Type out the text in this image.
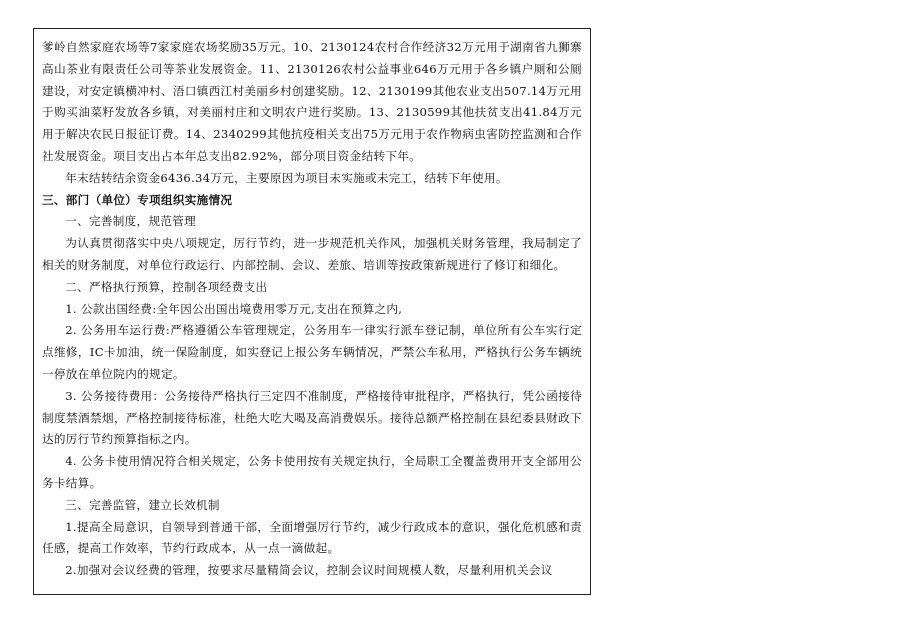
爹岭自然家庭农场等7家家庭农场奖励35万元。10、2130124农村合作经济32万元用于湖南省九狮寨高山茶业有限责任公司等茶业发展资金。11、2130126农村公益事业646万元用于各乡镇户厕和公厕建设，对安定镇横冲村、浯口镇西江村美丽乡村创建奖励。12、2130199其他农业支出507.14万元用于购买油菜籽发放各乡镇，对美丽村庄和文明农户进行奖励。13、2130599其他扶贫支出41.84万元用于解决农民日报征订费。14、2340299其他抗疫相关支出75万元用于农作物病虫害防控监测和合作社发展资金。项目支出占本年总支出82.92%，部分项目资金结转下年。

年末结转结余资金6436.34万元，主要原因为项目未实施或未完工，结转下年使用。

三、部门（单位）专项组织实施情况

一、完善制度，规范管理

为认真贯彻落实中央八项规定，厉行节约，进一步规范机关作风，加强机关财务管理，我局制定了相关的财务制度，对单位行政运行、内部控制、会议、差旅、培训等按政策新规进行了修订和细化。

二、严格执行预算，控制各项经费支出

1. 公款出国经费:全年因公出国出境费用零万元,支出在预算之内,

2. 公务用车运行费:严格遵循公车管理规定，公务用车一律实行派车登记制，单位所有公车实行定点维修，IC卡加油，统一保险制度，如实登记上报公务车辆情况，严禁公车私用，严格执行公务车辆统一停放在单位院内的规定。

3. 公务接待费用：公务接待严格执行三定四不准制度，严格接待审批程序，严格执行，凭公函接待制度禁酒禁烟，严格控制接待标准，杜绝大吃大喝及高消费娱乐。接待总额严格控制在县纪委县财政下达的厉行节约预算指标之内。

4. 公务卡使用情况符合相关规定，公务卡使用按有关规定执行，全局职工全覆盖费用开支全部用公务卡结算。

三、完善监管，建立长效机制

1.提高全局意识，自领导到普通干部，全面增强厉行节约，减少行政成本的意识，强化危机感和责任感，提高工作效率，节约行政成本，从一点一滴做起。

2.加强对会议经费的管理，按要求尽量精简会议，控制会议时间规模人数，尽量利用机关会议
